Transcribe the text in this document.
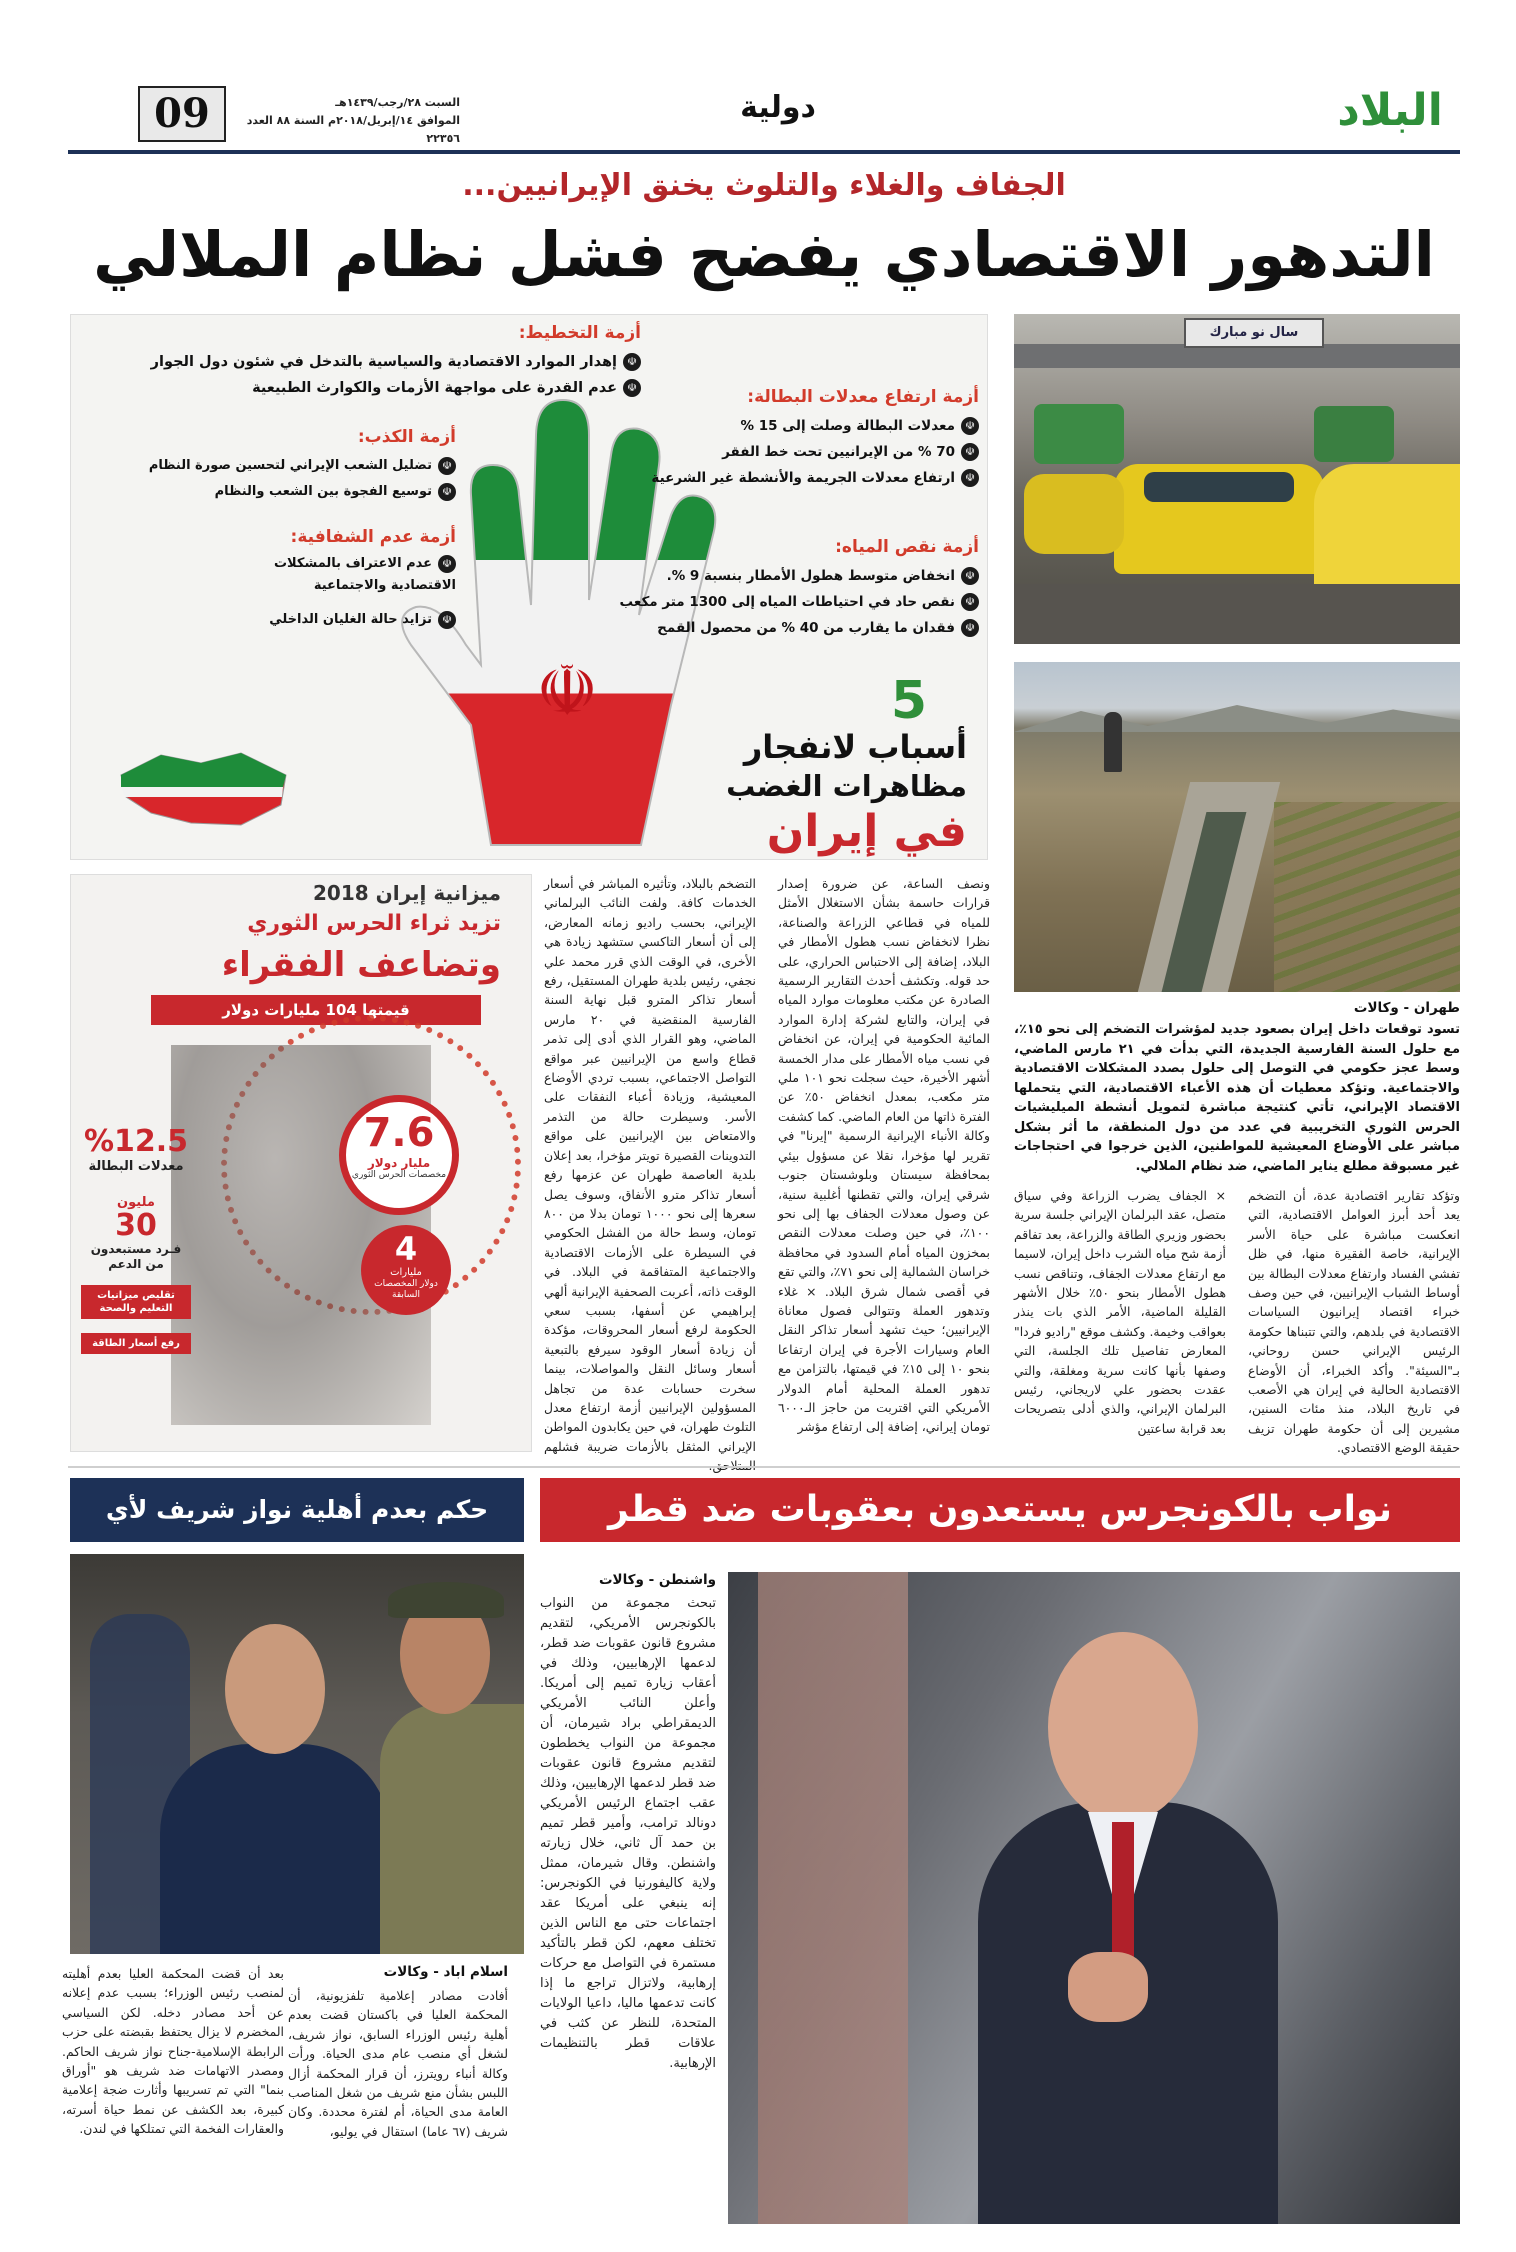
09	السبت ٢٨/رجب/١٤٣٩هـ
الموافق ١٤/إبريل/٢٠١٨م السنة ٨٨ العدد ٢٢٣٥٦
دولية	البلاد
الجفاف والغلاء والتلوث يخنق الإيرانيين...
التدهور الاقتصادي يفضح فشل نظام الملالي
☫
أزمة التخطيط:
☫إهدار الموارد الاقتصادية والسياسية بالتدخل في شئون دول الجوار
☫عدم القدرة على مواجهة الأزمات والكوارث الطبيعية
أزمة الكذب:
☫تضليل الشعب الإيراني لتحسين صورة النظام
☫توسيع الفجوة بين الشعب والنظام
أزمة عدم الشفافية:
☫عدم الاعتراف بالمشكلات الاقتصادية والاجتماعية
☫تزايد حالة الغليان الداخلي
أزمة ارتفاع معدلات البطالة:
☫معدلات البطالة وصلت إلى 15 %
☫70 % من الإيرانيين تحت خط الفقر
☫ارتفاع معدلات الجريمة والأنشطة غير الشرعية
أزمة نقص المياه:
☫انخفاض متوسط هطول الأمطار بنسبة 9 %.
☫نقص حاد في احتياطات المياه إلى 1300 متر مكعب
☫فقدان ما يقارب من 40 % من محصول القمح
5
أسباب لانفجار
مظاهرات الغضب
في إيران
سال نو مبارك
طهران - وكالات
تسود توقعات داخل إيران بصعود جديد لمؤشرات التضخم إلى نحو ١٥٪، مع حلول السنة الفارسية الجديدة، التي بدأت في ٢١ مارس الماضي، وسط عجز حكومي في التوصل إلى حلول بصدد المشكلات الاقتصادية والاجتماعية. وتؤكد معطيات أن هذه الأعباء الاقتصادية، التي يتحملها الاقتصاد الإيراني، تأتي كنتيجة مباشرة لتمويل أنشطة الميليشيات الحرس الثوري التخريبية في عدد من دول المنطقة، ما أثر بشكل مباشر على الأوضاع المعيشية للمواطنين، الذين خرجوا في احتجاجات غير مسبوقة مطلع يناير الماضي، ضد نظام الملالي.
وتؤكد تقارير اقتصادية عدة، أن التضخم يعد أحد أبرز العوامل الاقتصادية، التي انعكست مباشرة على حياة الأسر الإيرانية، خاصة الفقيرة منها، في ظل تفشي الفساد وارتفاع معدلات البطالة بين أوساط الشباب الإيرانيين، في حين وصف خبراء اقتصاد إيرانيون السياسات الاقتصادية في بلدهم، والتي تتبناها حكومة الرئيس الإيراني حسن روحاني، بـ"السيئة". وأكد الخبراء، أن الأوضاع الاقتصادية الحالية في إيران هي الأصعب في تاريخ البلاد، منذ مئات السنين، مشيرين إلى أن حكومة طهران تزيف حقيقة الوضع الاقتصادي.
× الجفاف يضرب الزراعة وفي سياق متصل، عقد البرلمان الإيراني جلسة سرية بحضور وزيري الطاقة والزراعة، بعد تفاقم أزمة شح مياه الشرب داخل إيران، لاسيما مع ارتفاع معدلات الجفاف، وتناقص نسب هطول الأمطار بنحو ٥٠٪ خلال الأشهر القليلة الماضية، الأمر الذي بات ينذر بعواقب وخيمة. وكشف موقع "راديو فردا" المعارض تفاصيل تلك الجلسة، التي وصفها بأنها كانت سرية ومغلقة، والتي عقدت بحضور علي لاريجاني، رئيس البرلمان الإيراني، والذي أدلى بتصريحات بعد قرابة ساعتين
ونصف الساعة، عن ضرورة إصدار قرارات حاسمة بشأن الاستغلال الأمثل للمياه في قطاعي الزراعة والصناعة، نظرا لانخفاض نسب هطول الأمطار في البلاد، إضافة إلى الاحتباس الحراري، على حد قوله. وتكشف أحدث التقارير الرسمية الصادرة عن مكتب معلومات موارد المياه في إيران، والتابع لشركة إدارة الموارد المائية الحكومية في إيران، عن انخفاض في نسب مياه الأمطار على مدار الخمسة أشهر الأخيرة، حيث سجلت نحو ١٠١ ملي متر مكعب، بمعدل انخفاض ٥٠٪ عن الفترة ذاتها من العام الماضي. كما كشفت وكالة الأنباء الإيرانية الرسمية "إيرنا" في تقرير لها مؤخرا، نقلا عن مسؤول بيئي بمحافظة سيستان وبلوشستان جنوب شرقي إيران، والتي تقطنها أغلبية سنية، عن وصول معدلات الجفاف بها إلى نحو ١٠٠٪، في حين وصلت معدلات النقص بمخزون المياه أمام السدود في محافظة خراسان الشمالية إلى نحو ٧١٪، والتي تقع في أقصى شمال شرق البلاد. × غلاء وتدهور العملة وتتوالى فصول معاناة الإيرانيين؛ حيث تشهد أسعار تذاكر النقل العام وسيارات الأجرة في إيران ارتفاعا بنحو ١٠ إلى ١٥٪ في قيمتها، بالتزامن مع تدهور العملة المحلية أمام الدولار الأمريكي التي اقتربت من حاجز الـ٦٠٠٠ تومان إيراني، إضافة إلى ارتفاع مؤشر
التضخم بالبلاد، وتأثيره المباشر في أسعار الخدمات كافة. ولفت النائب البرلماني الإيراني، بحسب راديو زمانه المعارض، إلى أن أسعار التاكسي ستشهد زيادة هي الأخرى، في الوقت الذي قرر محمد علي نجفي، رئيس بلدية طهران المستقيل، رفع أسعار تذاكر المترو قبل نهاية السنة الفارسية المنقضية في ٢٠ مارس الماضي، وهو القرار الذي أدى إلى تذمر قطاع واسع من الإيرانيين عبر مواقع التواصل الاجتماعي، بسبب تردي الأوضاع المعيشية، وزيادة أعباء النفقات على الأسر. وسيطرت حالة من التذمر والامتعاض بين الإيرانيين على مواقع التدوينات القصيرة تويتر مؤخرا، بعد إعلان بلدية العاصمة طهران عن عزمها رفع أسعار تذاكر مترو الأنفاق، وسوف يصل سعرها إلى نحو ١٠٠٠ تومان بدلا من ٨٠٠ تومان، وسط حالة من الفشل الحكومي في السيطرة على الأزمات الاقتصادية والاجتماعية المتفاقمة في البلاد. في الوقت ذاته، أعربت الصحفية الإيرانية ألهي إبراهيمي عن أسفها، بسبب سعي الحكومة لرفع أسعار المحروقات، مؤكدة أن زيادة أسعار الوقود سيرفع بالتبعية أسعار وسائل النقل والمواصلات، بينما سخرت حسابات عدة من تجاهل المسؤولين الإيرانيين أزمة ارتفاع معدل التلوث طهران، في حين يكابدون المواطن الإيراني المثقل بالأزمات ضريبة فشلهم
ميزانية إيران 2018
تزيد ثراء الحرس الثوري
وتضاعف الفقراء
قيمتها 104 مليارات دولار
7.6
مليار دولار
مخصصات الحرس الثوري
4
مليارات
دولار المخصصات السابقة
%12.5
معدلات البطالة
مليون
30
فـرد مستبعدون من الدعم
تقليص ميزانيات التعليم والصحة
رفع أسعار الطاقة
نواب بالكونجرس يستعدون بعقوبات ضد قطر
واشنطن - وكالات
تبحث مجموعة من النواب بالكونجرس الأمريكي، لتقديم مشروع قانون عقوبات ضد قطر، لدعمها الإرهابيين، وذلك في أعقاب زيارة تميم إلى أمريكا. وأعلن النائب الأمريكي الديمقراطي براد شيرمان، أن مجموعة من النواب يخططون لتقديم مشروع قانون عقوبات ضد قطر لدعمها الإرهابيين، وذلك عقب اجتماع الرئيس الأمريكي دونالد ترامب، وأمير قطر تميم بن حمد آل ثاني، خلال زيارته واشنطن. وقال شيرمان، ممثل ولاية كاليفورنيا في الكونجرس: إنه ينبغي على أمريكا عقد اجتماعات حتى مع الناس الذين تختلف معهم، لكن قطر بالتأكيد مستمرة في التواصل مع حركات إرهابية، ولاتزال تراجع ما إذا كانت تدعمها ماليا، داعيا الولايات المتحدة، للنظر عن كثب في علاقات قطر بالتنظيمات الإرهابية.
حكم بعدم أهلية نواز شريف لأي
اسلام اباد - وكالات
أفادت مصادر إعلامية تلفزيونية، أن المحكمة العليا في باكستان قضت بعدم أهلية رئيس الوزراء السابق، نواز شريف، لشغل أي منصب عام مدى الحياة. ورأت وكالة أنباء رويترز، أن قرار المحكمة أزال اللبس بشأن منع شريف من شغل المناصب العامة مدى الحياة، أم لفترة محددة. وكان شريف (٦٧ عاما) استقال في يوليو،
بعد أن قضت المحكمة العليا بعدم أهليته لمنصب رئيس الوزراء؛ بسبب عدم إعلانه عن أحد مصادر دخله. لكن السياسي المخضرم لا يزال يحتفظ بقبضته على حزب الرابطة الإسلامية-جناح نواز شريف الحاكم. ومصدر الاتهامات ضد شريف هو "أوراق بنما" التي تم تسريبها وأثارت ضجة إعلامية كبيرة، بعد الكشف عن نمط حياة أسرته، والعقارات الفخمة التي تمتلكها في لندن.
